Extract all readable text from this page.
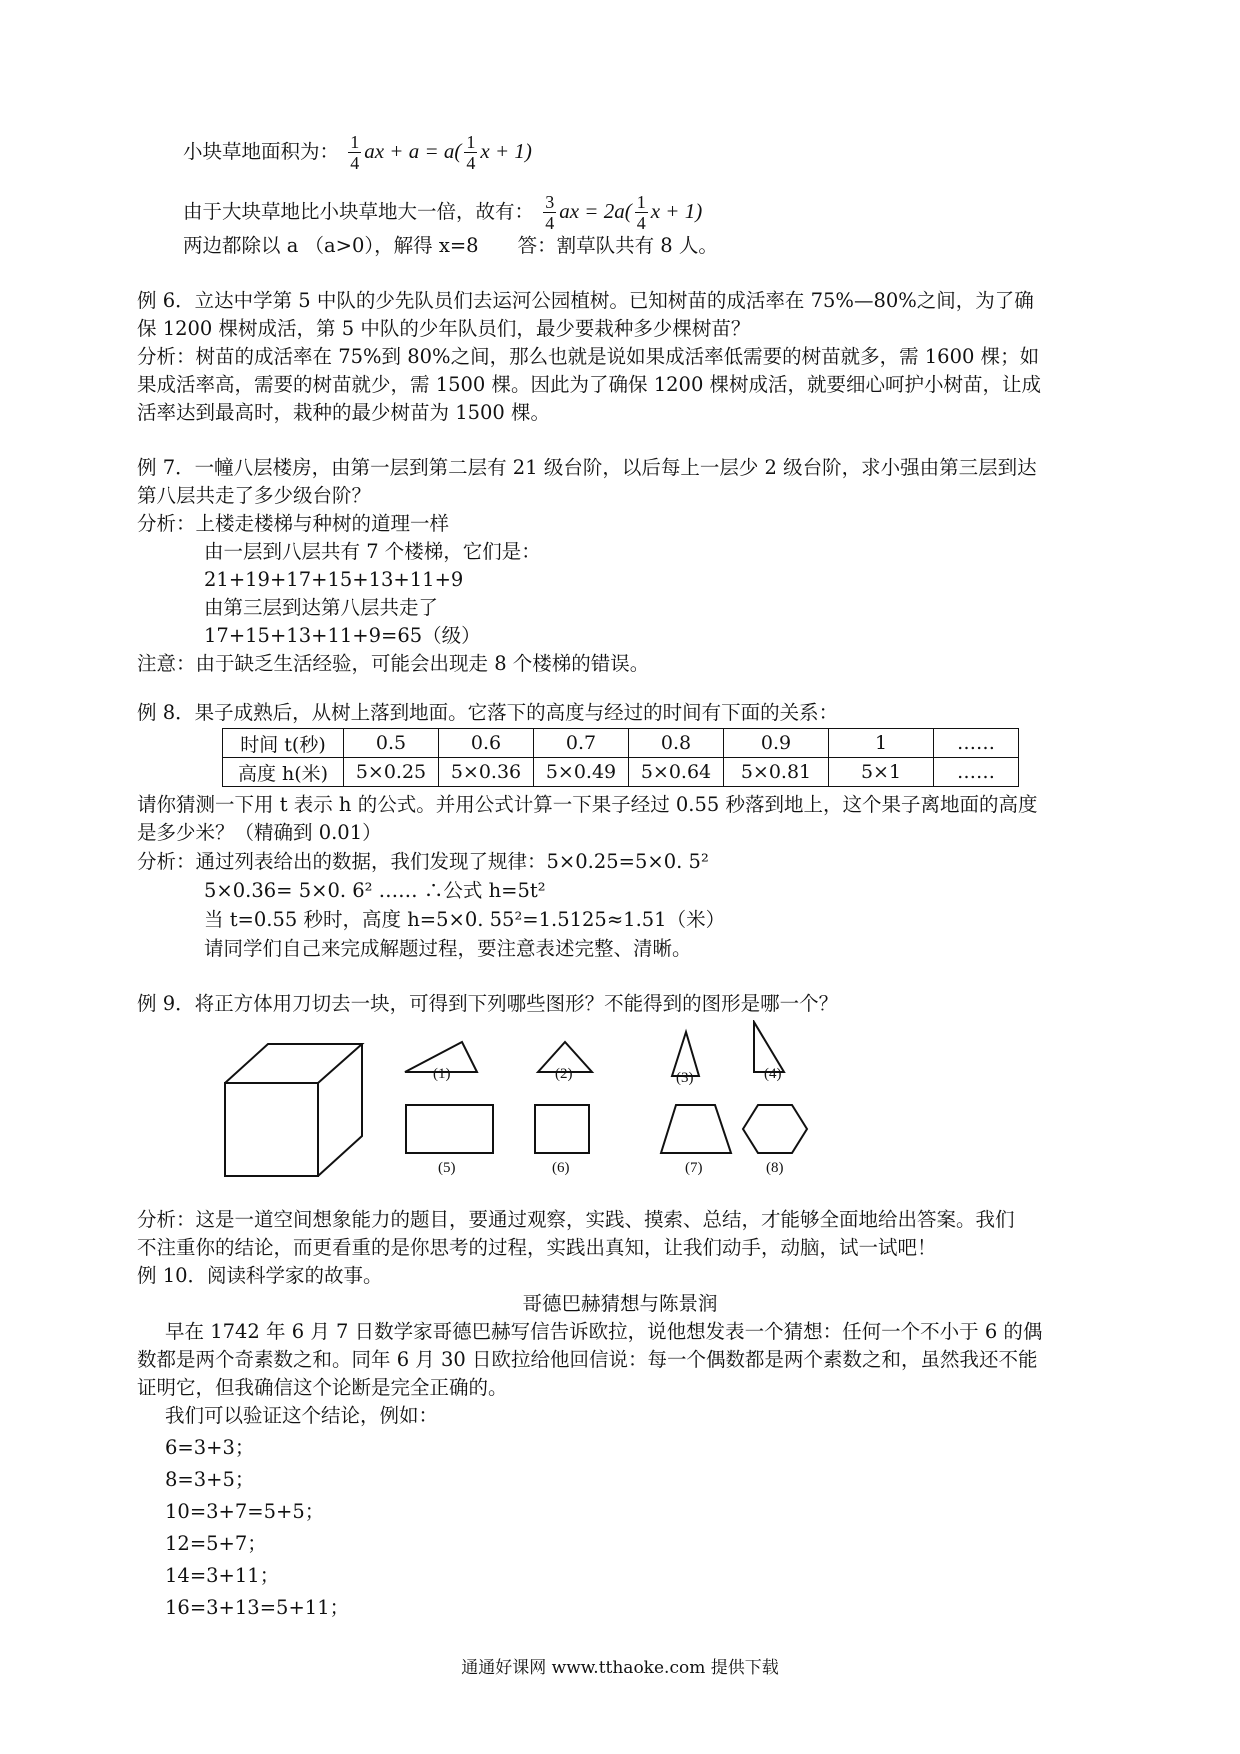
小块草地面积为： $\frac{1}{4}$ ax + $a = a( \frac{1}{4}$ x + 1)
由于大块草地比小块草地大一倍，故有： $\frac{3}{4}$ ax = $2a( \frac{1}{4}$ x + 1)
两边都除以 a （a>0），解得 x=8　　答：割草队共有 8 人。
例 6．立达中学第 5 中队的少先队员们去运河公园植树。已知树苗的成活率在 75%—80%之间，为了确
保 1200 棵树成活，第 5 中队的少年队员们，最少要栽种多少棵树苗？
分析：树苗的成活率在 75%到 80%之间，那么也就是说如果成活率低需要的树苗就多，需 1600 棵；如
果成活率高，需要的树苗就少，需 1500 棵。因此为了确保 1200 棵树成活，就要细心呵护小树苗，让成
活率达到最高时，栽种的最少树苗为 1500 棵。
例 7．一幢八层楼房，由第一层到第二层有 21 级台阶，以后每上一层少 2 级台阶，求小强由第三层到达
第八层共走了多少级台阶？
分析：上楼走楼梯与种树的道理一样
由一层到八层共有 7 个楼梯，它们是：
21+19+17+15+13+11+9
由第三层到达第八层共走了
17+15+13+11+9=65（级）
注意：由于缺乏生活经验，可能会出现走 8 个楼梯的错误。
例 8．果子成熟后，从树上落到地面。它落下的高度与经过的时间有下面的关系：
时间 t(秒)	0.5	0.6	0.7	0.8	0.9	1	……
高度 h(米)	5×0.25	5×0.36	5×0.49	5×0.64	5×0.81	5×1	……
请你猜测一下用 t 表示 h 的公式。并用公式计算一下果子经过 0.55 秒落到地上，这个果子离地面的高度
是多少米？（精确到 0.01）
分析：通过列表给出的数据，我们发现了规律：5×0.25=5×0. 5²
5×0.36= 5×0. 6² …… ∴公式 h=5t²
当 t=0.55 秒时，高度 h=5×0. 55²=1.5125≈1.51（米）
请同学们自己来完成解题过程，要注意表述完整、清晰。
例 9．将正方体用刀切去一块，可得到下列哪些图形？不能得到的图形是哪一个？
(1)	(2)	(3)	(4)
(5)	(6)	(7)	(8)
分析：这是一道空间想象能力的题目，要通过观察，实践、摸索、总结，才能够全面地给出答案。我们
不注重你的结论，而更看重的是你思考的过程，实践出真知，让我们动手，动脑，试一试吧！
例 10．阅读科学家的故事。
哥德巴赫猜想与陈景润
早在 1742 年 6 月 7 日数学家哥德巴赫写信告诉欧拉，说他想发表一个猜想：任何一个不小于 6 的偶
数都是两个奇素数之和。同年 6 月 30 日欧拉给他回信说：每一个偶数都是两个素数之和，虽然我还不能
证明它，但我确信这个论断是完全正确的。
我们可以验证这个结论，例如：
6=3+3；
8=3+5；
10=3+7=5+5；
12=5+7；
14=3+11；
16=3+13=5+11；
通通好课网 www.tthaoke.com 提供下载
